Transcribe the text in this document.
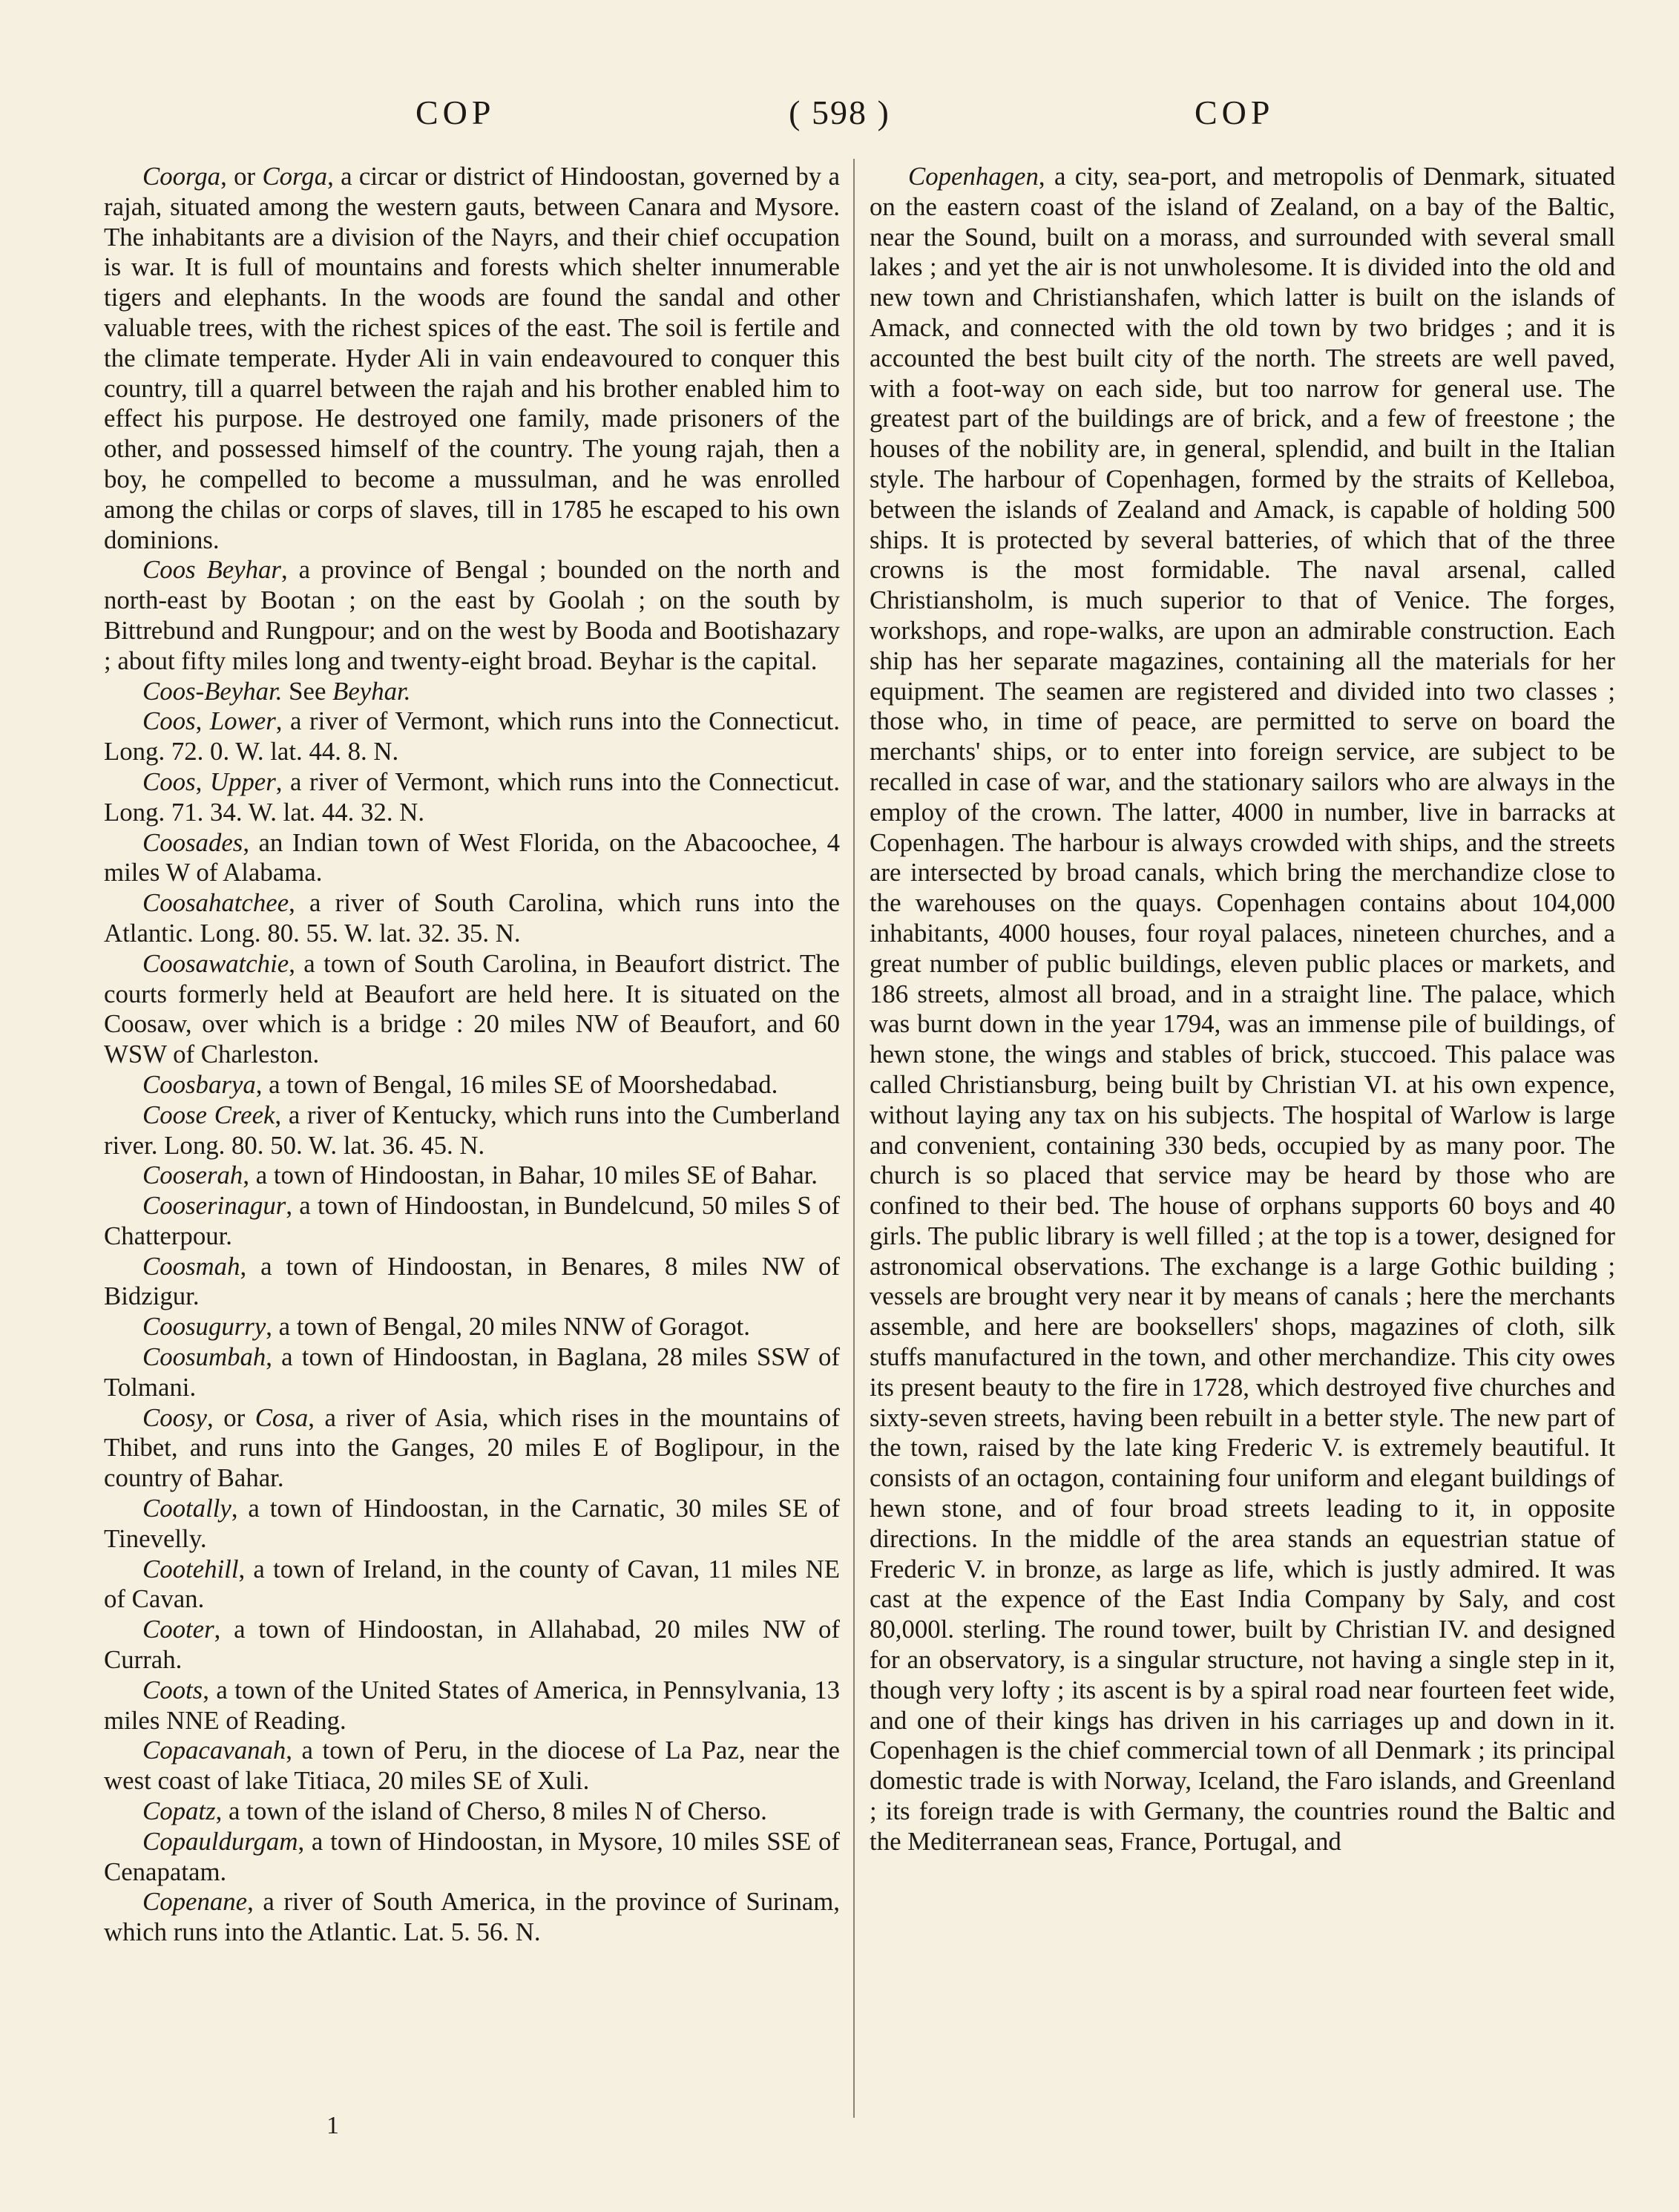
COP	( 598 )	COP

Coorga, or Corga, a circar or district of Hindoostan, governed by a rajah, situated among the western gauts, between Canara and Mysore. The inhabitants are a division of the Nayrs, and their chief occupation is war. It is full of mountains and forests which shelter innumerable tigers and elephants. In the woods are found the sandal and other valuable trees, with the richest spices of the east. The soil is fertile and the climate temperate. Hyder Ali in vain endeavoured to conquer this country, till a quarrel between the rajah and his brother enabled him to effect his purpose. He destroyed one family, made prisoners of the other, and possessed himself of the country. The young rajah, then a boy, he compelled to become a mussulman, and he was enrolled among the chilas or corps of slaves, till in 1785 he escaped to his own dominions.

Coos Beyhar, a province of Bengal ; bounded on the north and north-east by Bootan ; on the east by Goolah ; on the south by Bittrebund and Rungpour; and on the west by Booda and Bootishazary ; about fifty miles long and twenty-eight broad. Beyhar is the capital.

Coos-Beyhar. See Beyhar.

Coos, Lower, a river of Vermont, which runs into the Connecticut. Long. 72. 0. W. lat. 44. 8. N.

Coos, Upper, a river of Vermont, which runs into the Connecticut. Long. 71. 34. W. lat. 44. 32. N.

Coosades, an Indian town of West Florida, on the Abacoochee, 4 miles W of Alabama.

Coosahatchee, a river of South Carolina, which runs into the Atlantic. Long. 80. 55. W. lat. 32. 35. N.

Coosawatchie, a town of South Carolina, in Beaufort district. The courts formerly held at Beaufort are held here. It is situated on the Coosaw, over which is a bridge : 20 miles NW of Beaufort, and 60 WSW of Charleston.

Coosbarya, a town of Bengal, 16 miles SE of Moorshedabad.

Coose Creek, a river of Kentucky, which runs into the Cumberland river. Long. 80. 50. W. lat. 36. 45. N.

Cooserah, a town of Hindoostan, in Bahar, 10 miles SE of Bahar.

Cooserinagur, a town of Hindoostan, in Bundelcund, 50 miles S of Chatterpour.

Coosmah, a town of Hindoostan, in Benares, 8 miles NW of Bidzigur.

Coosugurry, a town of Bengal, 20 miles NNW of Goragot.

Coosumbah, a town of Hindoostan, in Baglana, 28 miles SSW of Tolmani.

Coosy, or Cosa, a river of Asia, which rises in the mountains of Thibet, and runs into the Ganges, 20 miles E of Boglipour, in the country of Bahar.

Cootally, a town of Hindoostan, in the Carnatic, 30 miles SE of Tinevelly.

Cootehill, a town of Ireland, in the county of Cavan, 11 miles NE of Cavan.

Cooter, a town of Hindoostan, in Allahabad, 20 miles NW of Currah.

Coots, a town of the United States of America, in Pennsylvania, 13 miles NNE of Reading.

Copacavanah, a town of Peru, in the diocese of La Paz, near the west coast of lake Titiaca, 20 miles SE of Xuli.

Copatz, a town of the island of Cherso, 8 miles N of Cherso.

Copauldurgam, a town of Hindoostan, in Mysore, 10 miles SSE of Cenapatam.

Copenane, a river of South America, in the province of Surinam, which runs into the Atlantic. Lat. 5. 56. N.

Copenhagen, a city, sea-port, and metropolis of Denmark, situated on the eastern coast of the island of Zealand, on a bay of the Baltic, near the Sound, built on a morass, and surrounded with several small lakes ; and yet the air is not unwholesome. It is divided into the old and new town and Christianshafen, which latter is built on the islands of Amack, and connected with the old town by two bridges ; and it is accounted the best built city of the north. The streets are well paved, with a foot-way on each side, but too narrow for general use. The greatest part of the buildings are of brick, and a few of freestone ; the houses of the nobility are, in general, splendid, and built in the Italian style. The harbour of Copenhagen, formed by the straits of Kelleboa, between the islands of Zealand and Amack, is capable of holding 500 ships. It is protected by several batteries, of which that of the three crowns is the most formidable. The naval arsenal, called Christiansholm, is much superior to that of Venice. The forges, workshops, and rope-walks, are upon an admirable construction. Each ship has her separate magazines, containing all the materials for her equipment. The seamen are registered and divided into two classes ; those who, in time of peace, are permitted to serve on board the merchants' ships, or to enter into foreign service, are subject to be recalled in case of war, and the stationary sailors who are always in the employ of the crown. The latter, 4000 in number, live in barracks at Copenhagen. The harbour is always crowded with ships, and the streets are intersected by broad canals, which bring the merchandize close to the warehouses on the quays. Copenhagen contains about 104,000 inhabitants, 4000 houses, four royal palaces, nineteen churches, and a great number of public buildings, eleven public places or markets, and 186 streets, almost all broad, and in a straight line. The palace, which was burnt down in the year 1794, was an immense pile of buildings, of hewn stone, the wings and stables of brick, stuccoed. This palace was called Christiansburg, being built by Christian VI. at his own expence, without laying any tax on his subjects. The hospital of Warlow is large and convenient, containing 330 beds, occupied by as many poor. The church is so placed that service may be heard by those who are confined to their bed. The house of orphans supports 60 boys and 40 girls. The public library is well filled ; at the top is a tower, designed for astronomical observations. The exchange is a large Gothic building ; vessels are brought very near it by means of canals ; here the merchants assemble, and here are booksellers' shops, magazines of cloth, silk stuffs manufactured in the town, and other merchandize. This city owes its present beauty to the fire in 1728, which destroyed five churches and sixty-seven streets, having been rebuilt in a better style. The new part of the town, raised by the late king Frederic V. is extremely beautiful. It consists of an octagon, containing four uniform and elegant buildings of hewn stone, and of four broad streets leading to it, in opposite directions. In the middle of the area stands an equestrian statue of Frederic V. in bronze, as large as life, which is justly admired. It was cast at the expence of the East India Company by Saly, and cost 80,000l. sterling. The round tower, built by Christian IV. and designed for an observatory, is a singular structure, not having a single step in it, though very lofty ; its ascent is by a spiral road near fourteen feet wide, and one of their kings has driven in his carriages up and down in it. Copenhagen is the chief commercial town of all Denmark ; its principal domestic trade is with Norway, Iceland, the Faro islands, and Greenland ; its foreign trade is with Germany, the countries round the Baltic and the Mediterranean seas, France, Portugal, and

1
